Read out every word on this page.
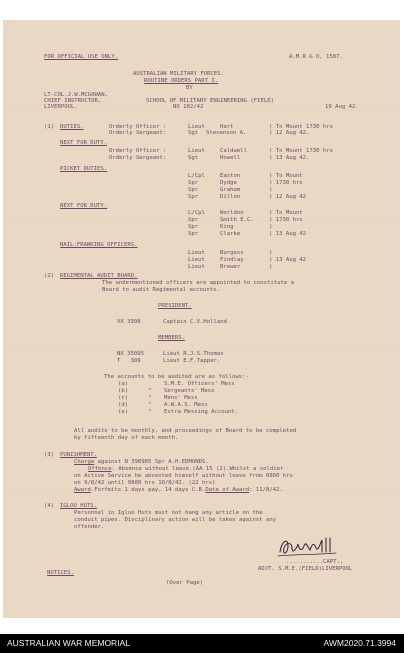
FOR OFFICIAL USE ONLY.	A.M.R & O, 1587.
AUSTRALIAN MILITARY FORCES.
ROUTINE ORDERS PART I.
BY
LT-COL.J.W.MCGOWAN,
CHIEF INSTRUCTOR,
LIVERPOOL.
SCHOOL OF MILITARY ENGINEERING (FIELD)
NO 182/42	19 Aug 42.
(1) DUTIES.	Orderly Officer :	Lieut	Hart	) To Mount 1730 hrs
Orderly Sergeant:	Sgt Stevenson A.	) 12 Aug 42.
NEXT FOR DUTY.
Orderly Officer :	Lieut	Caldwell	) To Mount 1730 hrs
Orderly Sergeant:	Sgt	Howell	) 13 Aug 42.
PICKET DUTIES.
L/Cpl	Easton	) To Mount
Spr	Dydge	) 1730 hrs
Spr	Graham	)
Spr	Dillon	) 12 Aug 42
NEXT FOR DUTY.
L/Cpl	Worldon	) To Mount
Spr	Smith E.C.	) 1730 hrs
Spr	King	)
Spr	Clarke	) 13 Aug 42
NAIL:FRANKING OFFICERS.
Lieut	Burgess	)
Lieut	Findlay	) 13 Aug 42
Lieut	Brewer	)
(2) REGIMENTAL AUDIT BOARD.
The undermentioned officers are appointed to constitute a
Board to audit Regimental accounts.
PRESIDENT.
VX 3998	Captain C.V.Holland
MEMBERS.
NX 35095	Lieut R.J.S.Thomas
T   389	Lieut E.F.Tapper.
The accounts to be audited are as follows:-
(a)	S.M.E. Officers' Mess
(b)	" Sergeants' Mess
(c)	" Mens' Mess
(d)	" A.W.A.S. Mess
(e)	" Extra Messing Account.
All audits to be monthly, and proceedings of Board to be completed
by fifteenth day of each month.
(3) PUNISHMENT.
Charge against N 390905 Spr A.H.EDMONDS.
Offence. Absence without leave.(AA 15 (2).Whilst a soldier
on Active Service he absented himself without leave from 0800 hrs
on 9/8/42 until 0800 hrs 10/8/42. (22 hrs)
Award.Forfeits 1 days pay, 14 days C.B.Date of Award: 11/8/42.
(4) IGLOO HUTS.
Personnel in Igloo Huts must not hang any article on the
conduit pipes. Disciplinary action will be taken against any
offender.
...........CAPT.,
ADJT. S.M.E.(FIELD)LIVERPOOL
NOTICES.
(Over Page)
AUSTRALIAN WAR MEMORIAL	AWM2020.71.3994
